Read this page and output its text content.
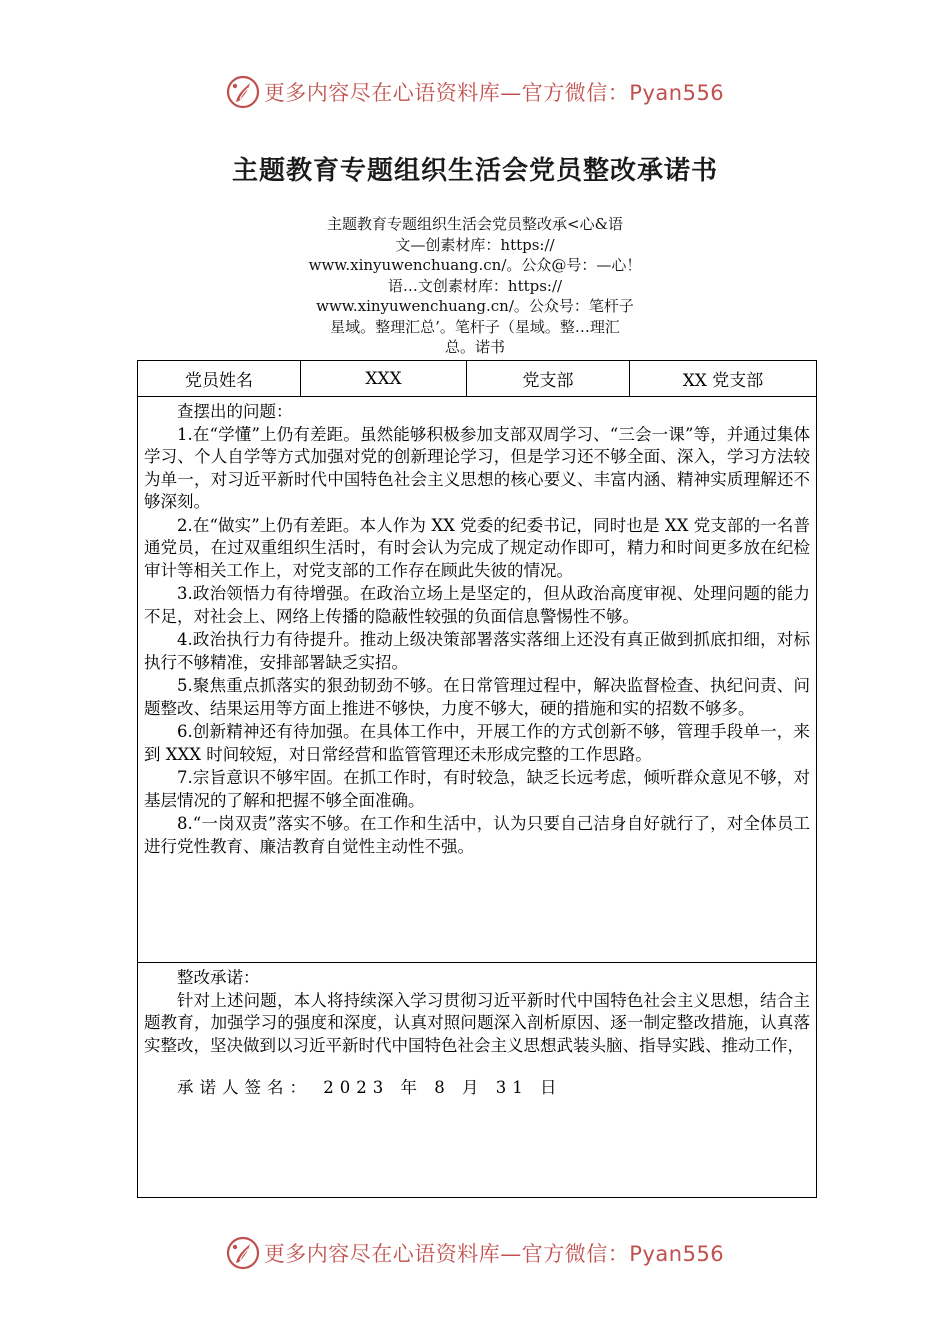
更多内容尽在心语资料库—官方微信：Pyan556
主题教育专题组织生活会党员整改承诺书
主题教育专题组织生活会党员整改承<心&语
文—创素材库：https://
www.xinyuwenchuang.cn/。公众@号：—心！
语…文创素材库：https://
www.xinyuwenchuang.cn/。公众号：笔杆子
星域。整理汇总’。笔杆子（星域。整…理汇
总。诺书
党员姓名	XXX	党支部	XX 党支部
查摆出的问题：

1.在“学懂”上仍有差距。虽然能够积极参加支部双周学习、“三会一课”等，并通过集体学习、个人自学等方式加强对党的创新理论学习，但是学习还不够全面、深入，学习方法较为单一，对习近平新时代中国特色社会主义思想的核心要义、丰富内涵、精神实质理解还不够深刻。

2.在“做实”上仍有差距。本人作为 XX 党委的纪委书记，同时也是 XX 党支部的一名普通党员，在过双重组织生活时，有时会认为完成了规定动作即可，精力和时间更多放在纪检审计等相关工作上，对党支部的工作存在顾此失彼的情况。

3.政治领悟力有待增强。在政治立场上是坚定的，但从政治高度审视、处理问题的能力不足，对社会上、网络上传播的隐蔽性较强的负面信息警惕性不够。

4.政治执行力有待提升。推动上级决策部署落实落细上还没有真正做到抓底扣细，对标执行不够精准，安排部署缺乏实招。

5.聚焦重点抓落实的狠劲韧劲不够。在日常管理过程中，解决监督检查、执纪问责、问题整改、结果运用等方面上推进不够快，力度不够大，硬的措施和实的招数不够多。

6.创新精神还有待加强。在具体工作中，开展工作的方式创新不够，管理手段单一，来到 XXX 时间较短，对日常经营和监管管理还未形成完整的工作思路。

7.宗旨意识不够牢固。在抓工作时，有时较急，缺乏长远考虑，倾听群众意见不够，对基层情况的了解和把握不够全面准确。

8.“一岗双责”落实不够。在工作和生活中，认为只要自己洁身自好就行了，对全体员工进行党性教育、廉洁教育自觉性主动性不强。

整改承诺：

针对上述问题，本人将持续深入学习贯彻习近平新时代中国特色社会主义思想，结合主题教育，加强学习的强度和深度，认真对照问题深入剖析原因、逐一制定整改措施，认真落实整改，坚决做到以习近平新时代中国特色社会主义思想武装头脑、指导实践、推动工作，

承诺人签名： 2023 年 8 月 31 日
更多内容尽在心语资料库—官方微信：Pyan556
